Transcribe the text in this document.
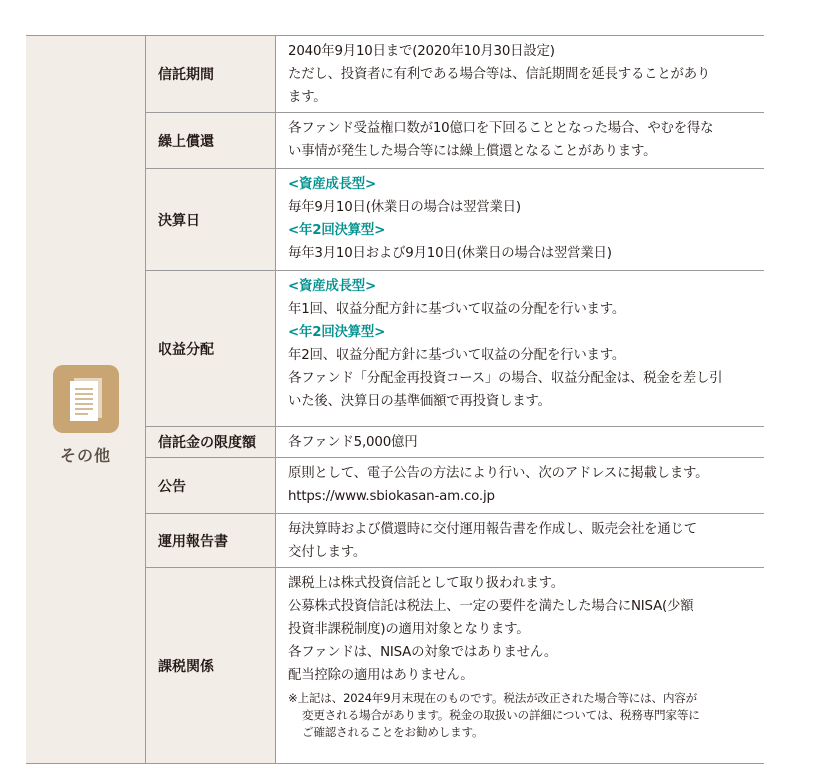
その他
信託期間

2040年9月10日まで(2020年10月30日設定)

ただし、投資者に有利である場合等は、信託期間を延長することがあり

ます。

繰上償還

各ファンド受益権口数が10億口を下回ることとなった場合、やむを得な

い事情が発生した場合等には繰上償還となることがあります。

決算日

<資産成長型>

毎年9月10日(休業日の場合は翌営業日)

<年2回決算型>

毎年3月10日および9月10日(休業日の場合は翌営業日)

収益分配

<資産成長型>

年1回、収益分配方針に基づいて収益の分配を行います。

<年2回決算型>

年2回、収益分配方針に基づいて収益の分配を行います。

各ファンド「分配金再投資コース」の場合、収益分配金は、税金を差し引

いた後、決算日の基準価額で再投資します。

信託金の限度額	各ファンド5,000億円

公告

原則として、電子公告の方法により行い、次のアドレスに掲載します。

https://www.sbiokasan-am.co.jp

運用報告書

毎決算時および償還時に交付運用報告書を作成し、販売会社を通じて

交付します。

課税関係

課税上は株式投資信託として取り扱われます。

公募株式投資信託は税法上、一定の要件を満たした場合にNISA(少額

投資非課税制度)の適用対象となります。

各ファンドは、NISAの対象ではありません。

配当控除の適用はありません。

※上記は、2024年9月末現在のものです。税法が改正された場合等には、内容が
変更される場合があります。税金の取扱いの詳細については、税務専門家等に
ご確認されることをお勧めします。
